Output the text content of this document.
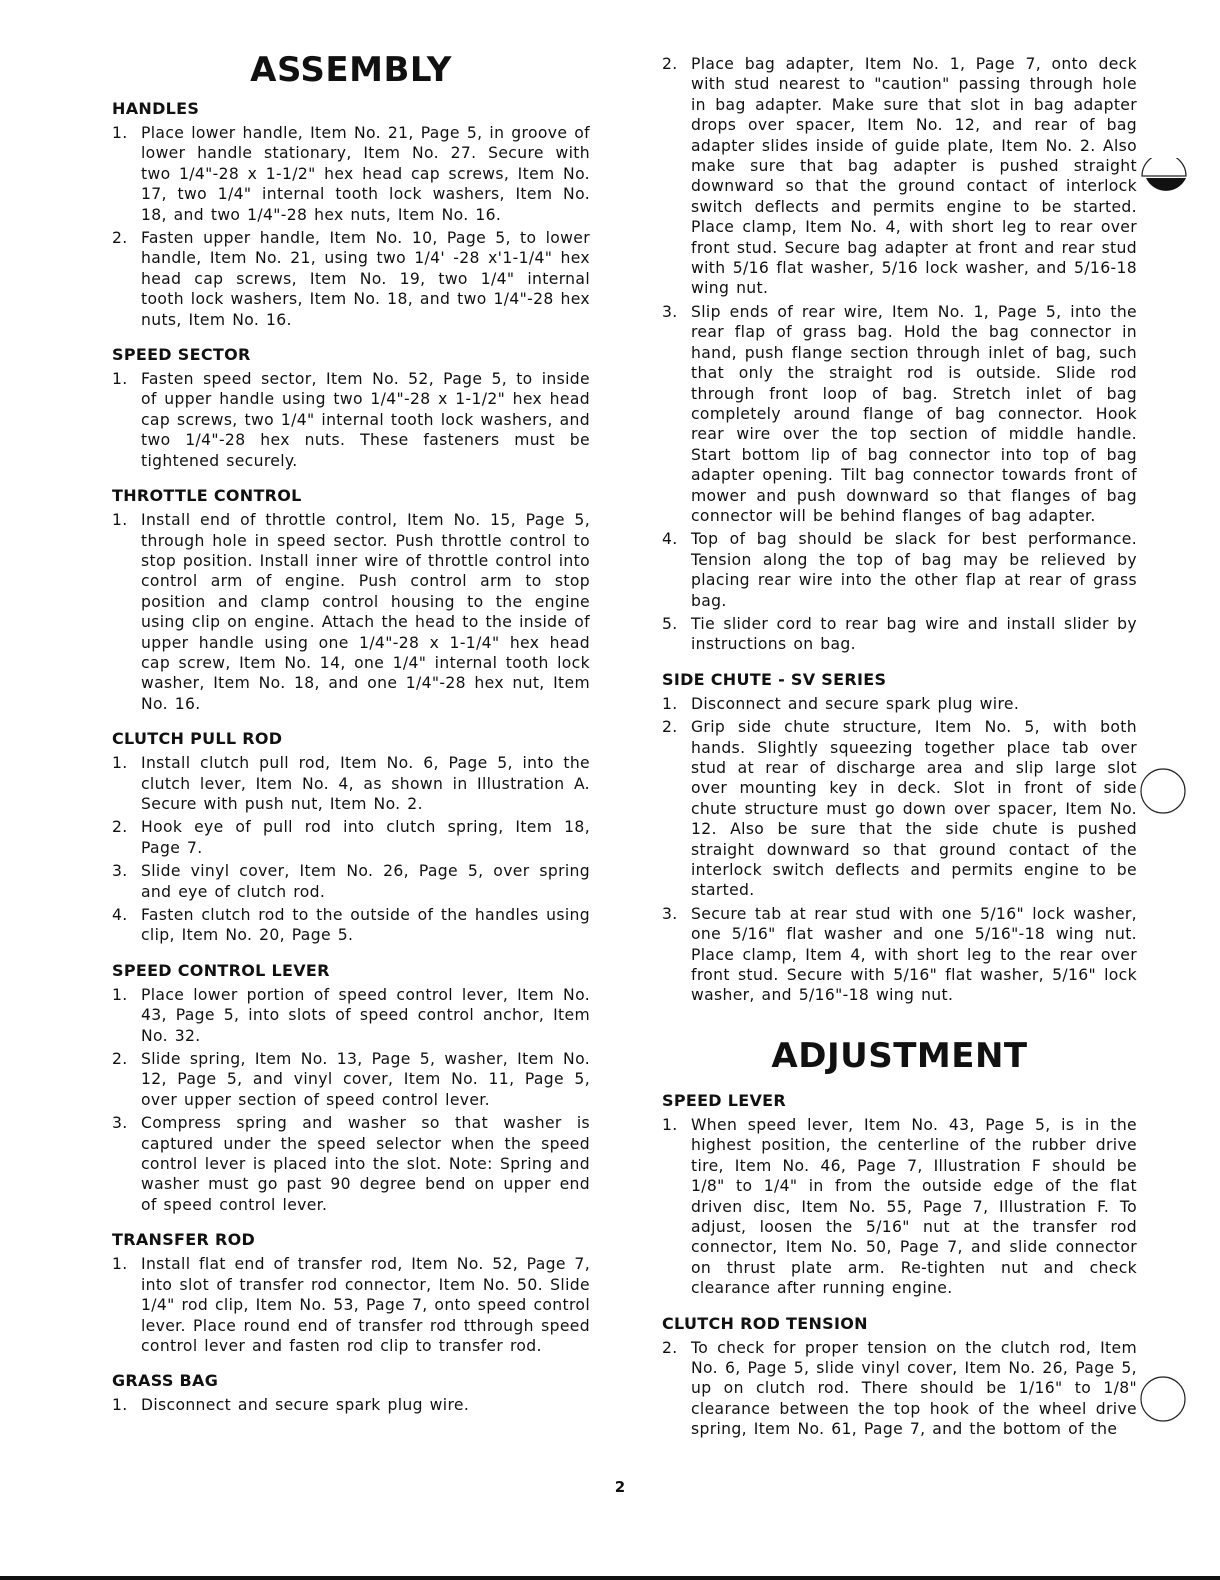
ASSEMBLY
HANDLES
1. Place lower handle, Item No. 21, Page 5, in groove of lower handle stationary, Item No. 27. Secure with two 1/4"-28 x 1-1/2" hex head cap screws, Item No. 17, two 1/4" internal tooth lock washers, Item No. 18, and two 1/4"-28 hex nuts, Item No. 16.
2. Fasten upper handle, Item No. 10, Page 5, to lower handle, Item No. 21, using two 1/4' -28 x'1-1/4" hex head cap screws, Item No. 19, two 1/4" internal tooth lock washers, Item No. 18, and two 1/4"-28 hex nuts, Item No. 16.
SPEED SECTOR
1. Fasten speed sector, Item No. 52, Page 5, to inside of upper handle using two 1/4"-28 x 1-1/2" hex head cap screws, two 1/4" internal tooth lock washers, and two 1/4"-28 hex nuts. These fasteners must be tightened securely.
THROTTLE CONTROL
1. Install end of throttle control, Item No. 15, Page 5, through hole in speed sector. Push throttle control to stop position. Install inner wire of throttle control into control arm of engine. Push control arm to stop position and clamp control housing to the engine using clip on engine. Attach the head to the inside of upper handle using one 1/4"-28 x 1-1/4" hex head cap screw, Item No. 14, one 1/4" internal tooth lock washer, Item No. 18, and one 1/4"-28 hex nut, Item No. 16.
CLUTCH PULL ROD
1. Install clutch pull rod, Item No. 6, Page 5, into the clutch lever, Item No. 4, as shown in Illustration A. Secure with push nut, Item No. 2.
2. Hook eye of pull rod into clutch spring, Item 18, Page 7.
3. Slide vinyl cover, Item No. 26, Page 5, over spring and eye of clutch rod.
4. Fasten clutch rod to the outside of the handles using clip, Item No. 20, Page 5.
SPEED CONTROL LEVER
1. Place lower portion of speed control lever, Item No. 43, Page 5, into slots of speed control anchor, Item No. 32.
2. Slide spring, Item No. 13, Page 5, washer, Item No. 12, Page 5, and vinyl cover, Item No. 11, Page 5, over upper section of speed control lever.
3. Compress spring and washer so that washer is captured under the speed selector when the speed control lever is placed into the slot. Note: Spring and washer must go past 90 degree bend on upper end of speed control lever.
TRANSFER ROD
1. Install flat end of transfer rod, Item No. 52, Page 7, into slot of transfer rod connector, Item No. 50. Slide 1/4" rod clip, Item No. 53, Page 7, onto speed control lever. Place round end of transfer rod tthrough speed control lever and fasten rod clip to transfer rod.
GRASS BAG
1. Disconnect and secure spark plug wire.
2. Place bag adapter, Item No. 1, Page 7, onto deck with stud nearest to "caution" passing through hole in bag adapter. Make sure that slot in bag adapter drops over spacer, Item No. 12, and rear of bag adapter slides inside of guide plate, Item No. 2. Also make sure that bag adapter is pushed straight downward so that the ground contact of interlock switch deflects and permits engine to be started. Place clamp, Item No. 4, with short leg to rear over front stud. Secure bag adapter at front and rear stud with 5/16 flat washer, 5/16 lock washer, and 5/16-18 wing nut.
3. Slip ends of rear wire, Item No. 1, Page 5, into the rear flap of grass bag. Hold the bag connector in hand, push flange section through inlet of bag, such that only the straight rod is outside. Slide rod through front loop of bag. Stretch inlet of bag completely around flange of bag connector. Hook rear wire over the top section of middle handle. Start bottom lip of bag connector into top of bag adapter opening. Tilt bag connector towards front of mower and push downward so that flanges of bag connector will be behind flanges of bag adapter.
4. Top of bag should be slack for best performance. Tension along the top of bag may be relieved by placing rear wire into the other flap at rear of grass bag.
5. Tie slider cord to rear bag wire and install slider by instructions on bag.
SIDE CHUTE - SV SERIES
1. Disconnect and secure spark plug wire.
2. Grip side chute structure, Item No. 5, with both hands. Slightly squeezing together place tab over stud at rear of discharge area and slip large slot over mounting key in deck. Slot in front of side chute structure must go down over spacer, Item No. 12. Also be sure that the side chute is pushed straight downward so that ground contact of the interlock switch deflects and permits engine to be started.
3. Secure tab at rear stud with one 5/16" lock washer, one 5/16" flat washer and one 5/16"-18 wing nut. Place clamp, Item 4, with short leg to the rear over front stud. Secure with 5/16" flat washer, 5/16" lock washer, and 5/16"-18 wing nut.
ADJUSTMENT
SPEED LEVER
1. When speed lever, Item No. 43, Page 5, is in the highest position, the centerline of the rubber drive tire, Item No. 46, Page 7, Illustration F should be 1/8" to 1/4" in from the outside edge of the flat driven disc, Item No. 55, Page 7, Illustration F. To adjust, loosen the 5/16" nut at the transfer rod connector, Item No. 50, Page 7, and slide connector on thrust plate arm. Re-tighten nut and check clearance after running engine.
CLUTCH ROD TENSION
2. To check for proper tension on the clutch rod, Item No. 6, Page 5, slide vinyl cover, Item No. 26, Page 5, up on clutch rod. There should be 1/16" to 1/8" clearance between the top hook of the wheel drive spring, Item No. 61, Page 7, and the bottom of the
2
